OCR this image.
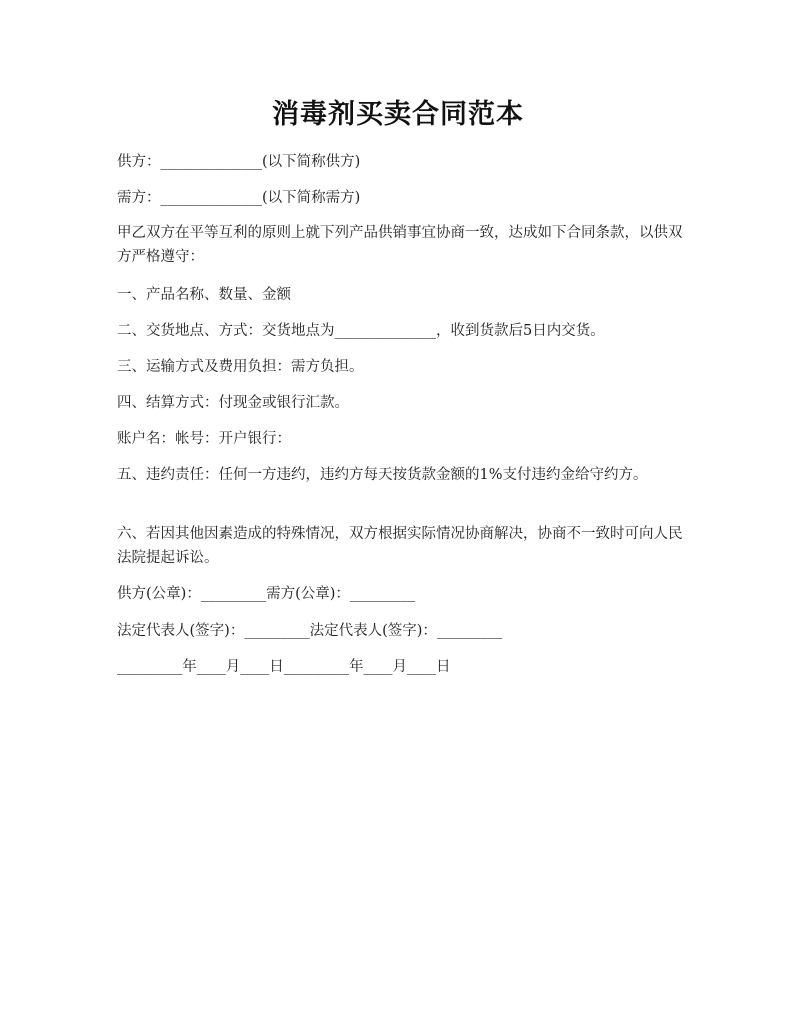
消毒剂买卖合同范本
供方：______________(以下简称供方)
需方：______________(以下简称需方)
甲乙双方在平等互利的原则上就下列产品供销事宜协商一致，达成如下合同条款，以供双方严格遵守：
一、产品名称、数量、金额
二、交货地点、方式：交货地点为______________，收到货款后5日内交货。
三、运输方式及费用负担：需方负担。
四、结算方式：付现金或银行汇款。
账户名：帐号：开户银行：
五、违约责任：任何一方违约，违约方每天按货款金额的1%支付违约金给守约方。
六、若因其他因素造成的特殊情况，双方根据实际情况协商解决，协商不一致时可向人民法院提起诉讼。
供方(公章)：_________需方(公章)：_________
法定代表人(签字)：_________法定代表人(签字)：_________
_________年____月____日_________年____月____日
